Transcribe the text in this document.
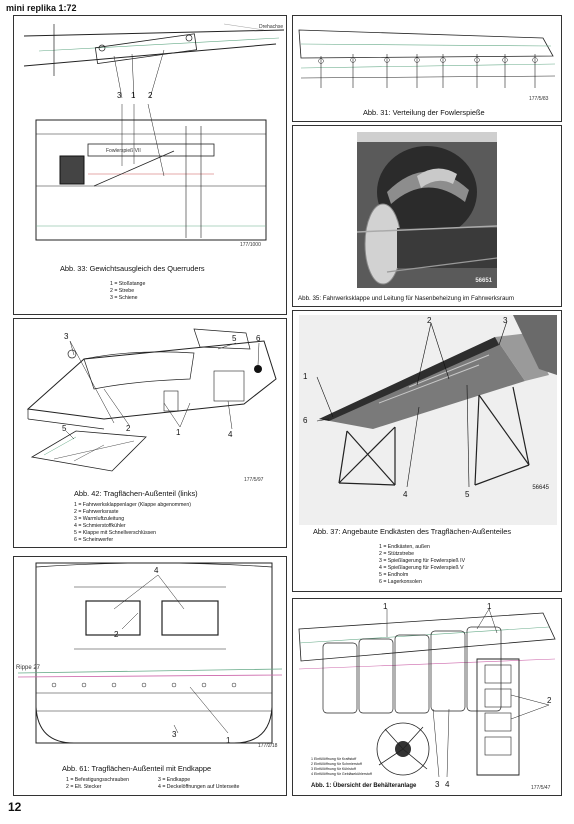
mini replika 1:72
Drehachse
3 1 2
Fowlerspieß VII
177/1000
Abb. 33: Gewichtsausgleich des Querruders
1 = Stoßstange
2 = Strebe
3 = Schiene
177/5/83
Abb. 31: Verteilung der Fowlerspieße
56651
Abb. 35: Fahrwerksklappe und Leitung für Nasenbeheizung im Fahrwerksraum
3	5 6
2	1	4
5
177/5/97
Abb. 42: Tragflächen-Außenteil (links)
1 = Fahrwerksklappenlager (Klappe abgenommen)
2 = Fahrwerksraste
3 = Warmluftzuleitung
4 = Schmierstoffkühler
5 = Klappe mit Schnellverschlüssen
6 = Scheinwerfer
2	3
1
6
4	5
56645
Abb. 37: Angebaute Endkästen des Tragflächen-Außenteiles
1 = Endkästen, außen
2 = Stützstrebe
3 = Spießlagerung für Fowlerspieß IV
4 = Spießlagerung für Fowlerspieß V
5 = Endholm
6 = Lagerkonsolen
4
2
1
3
Rippe 27
177/2/18
Abb. 61: Tragflächen-Außenteil mit Endkappe
1 = Befestigungsschrauben
2 = Elt. Stecker
3 = Endkappe
4 = Deckelöffnungen auf Unterseite
1	1
2
3 4	177/5/47
1 Einfüllöffnung für Kraftstoff
2 Einfüllöffnung für Schmierstoff
3 Einfüllöffnung für Kühlstoff
4 Einfüllöffnung für Gebläsekühlerstoff
Abb. 1: Übersicht der Behälteranlage
12
